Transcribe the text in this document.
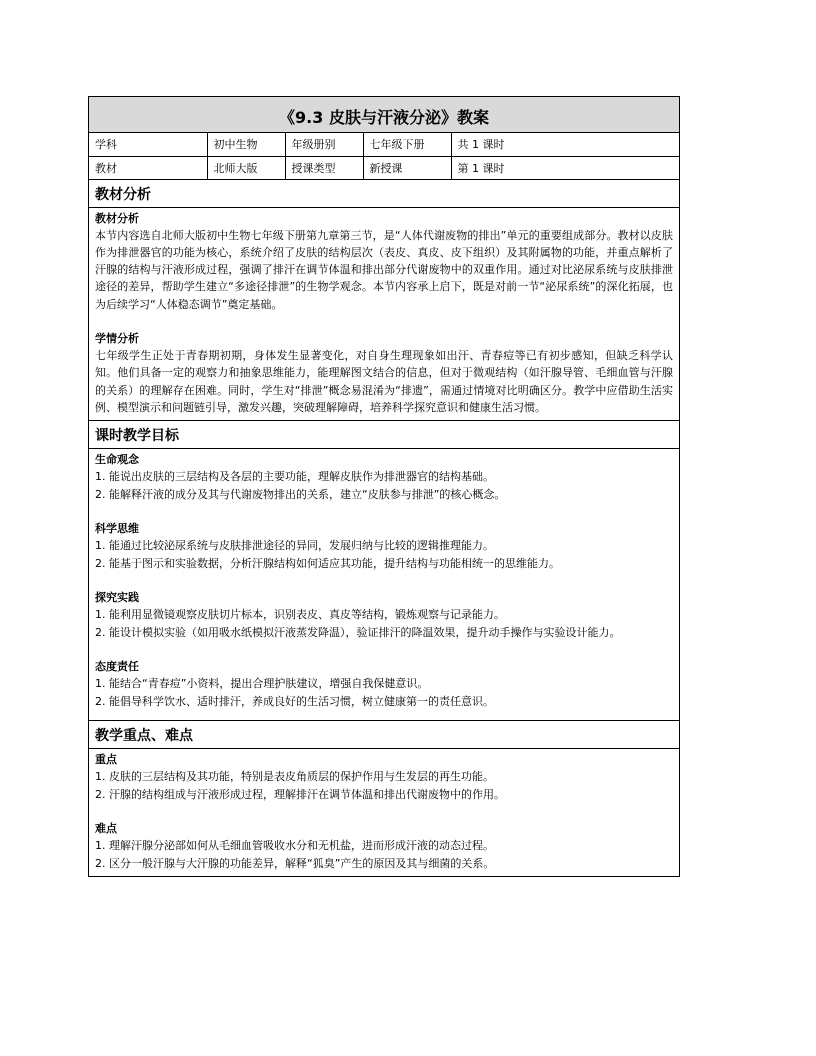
《9.3 皮肤与汗液分泌》教案
学科	初中生物	年级册别	七年级下册	共 1 课时
教材	北师大版	授课类型	新授课	第 1 课时
教材分析
教材分析
本节内容选自北师大版初中生物七年级下册第九章第三节，是“人体代谢废物的排出”单元的重要组成部分。教材以皮肤作为排泄器官的功能为核心，系统介绍了皮肤的结构层次（表皮、真皮、皮下组织）及其附属物的功能，并重点解析了汗腺的结构与汗液形成过程，强调了排汗在调节体温和排出部分代谢废物中的双重作用。通过对比泌尿系统与皮肤排泄途径的差异，帮助学生建立“多途径排泄”的生物学观念。本节内容承上启下，既是对前一节“泌尿系统”的深化拓展，也为后续学习“人体稳态调节”奠定基础。
学情分析
七年级学生正处于青春期初期，身体发生显著变化，对自身生理现象如出汗、青春痘等已有初步感知，但缺乏科学认知。他们具备一定的观察力和抽象思维能力，能理解图文结合的信息，但对于微观结构（如汗腺导管、毛细血管与汗腺的关系）的理解存在困难。同时，学生对“排泄”概念易混淆为“排遗”，需通过情境对比明确区分。教学中应借助生活实例、模型演示和问题链引导，激发兴趣，突破理解障碍，培养科学探究意识和健康生活习惯。
课时教学目标
生命观念
1. 能说出皮肤的三层结构及各层的主要功能，理解皮肤作为排泄器官的结构基础。
2. 能解释汗液的成分及其与代谢废物排出的关系，建立“皮肤参与排泄”的核心概念。
科学思维
1. 能通过比较泌尿系统与皮肤排泄途径的异同，发展归纳与比较的逻辑推理能力。
2. 能基于图示和实验数据，分析汗腺结构如何适应其功能，提升结构与功能相统一的思维能力。
探究实践
1. 能利用显微镜观察皮肤切片标本，识别表皮、真皮等结构，锻炼观察与记录能力。
2. 能设计模拟实验（如用吸水纸模拟汗液蒸发降温），验证排汗的降温效果，提升动手操作与实验设计能力。
态度责任
1. 能结合“青春痘”小资料，提出合理护肤建议，增强自我保健意识。
2. 能倡导科学饮水、适时排汗，养成良好的生活习惯，树立健康第一的责任意识。
教学重点、难点
重点
1. 皮肤的三层结构及其功能，特别是表皮角质层的保护作用与生发层的再生功能。
2. 汗腺的结构组成与汗液形成过程，理解排汗在调节体温和排出代谢废物中的作用。
难点
1. 理解汗腺分泌部如何从毛细血管吸收水分和无机盐，进而形成汗液的动态过程。
2. 区分一般汗腺与大汗腺的功能差异，解释“狐臭”产生的原因及其与细菌的关系。
